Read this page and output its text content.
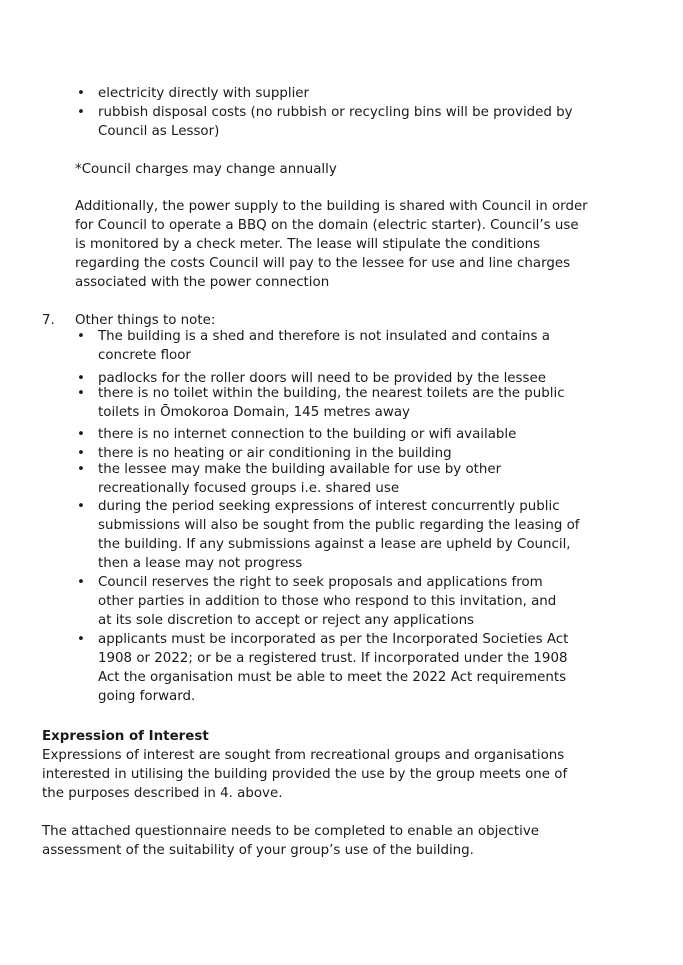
• electricity directly with supplier
• rubbish disposal costs (no rubbish or recycling bins will be provided by Council as Lessor)
*Council charges may change annually
Additionally, the power supply to the building is shared with Council in order for Council to operate a BBQ on the domain (electric starter). Council’s use is monitored by a check meter. The lease will stipulate the conditions regarding the costs Council will pay to the lessee for use and line charges associated with the power connection
7. Other things to note:
• The building is a shed and therefore is not insulated and contains a concrete floor
• padlocks for the roller doors will need to be provided by the lessee
• there is no toilet within the building, the nearest toilets are the public toilets in Ōmokoroa Domain, 145 metres away
• there is no internet connection to the building or wifi available
• there is no heating or air conditioning in the building
• the lessee may make the building available for use by other recreationally focused groups i.e. shared use
• during the period seeking expressions of interest concurrently public submissions will also be sought from the public regarding the leasing of the building. If any submissions against a lease are upheld by Council, then a lease may not progress
• Council reserves the right to seek proposals and applications from other parties in addition to those who respond to this invitation, and at its sole discretion to accept or reject any applications
• applicants must be incorporated as per the Incorporated Societies Act 1908 or 2022; or be a registered trust. If incorporated under the 1908 Act the organisation must be able to meet the 2022 Act requirements going forward.
Expression of Interest
Expressions of interest are sought from recreational groups and organisations interested in utilising the building provided the use by the group meets one of the purposes described in 4. above.
The attached questionnaire needs to be completed to enable an objective assessment of the suitability of your group’s use of the building.
